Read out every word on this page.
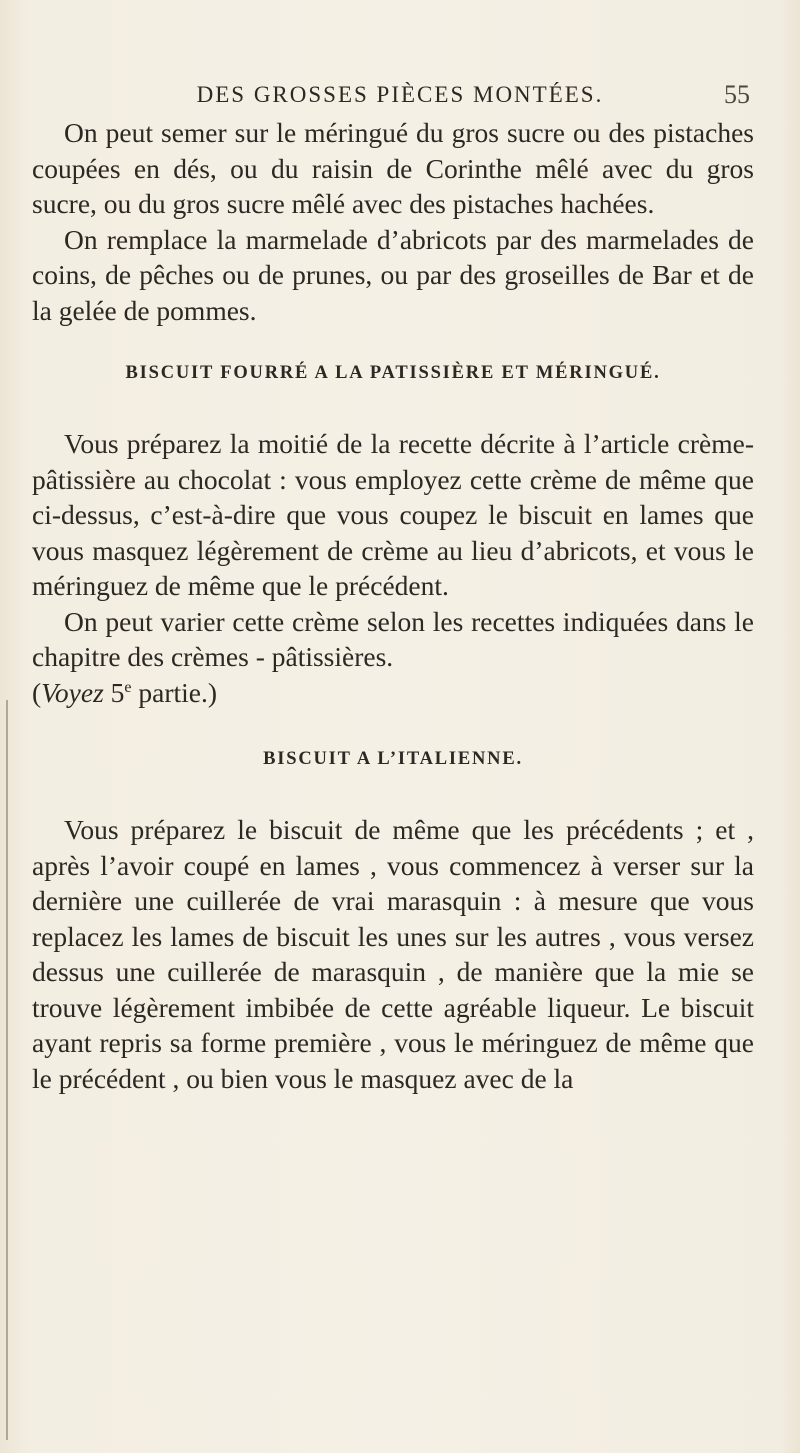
DES GROSSES PIÈCES MONTÉES.	55

On peut semer sur le méringué du gros sucre ou des pistaches coupées en dés, ou du raisin de Corinthe mêlé avec du gros sucre, ou du gros sucre mêlé avec des pistaches hachées.

On remplace la marmelade d’abricots par des marmelades de coins, de pêches ou de prunes, ou par des groseilles de Bar et de la gelée de pommes.

BISCUIT FOURRÉ A LA PATISSIÈRE ET MÉRINGUÉ.

Vous préparez la moitié de la recette décrite à l’article crème-pâtissière au chocolat : vous employez cette crème de même que ci-dessus, c’est-à-dire que vous coupez le biscuit en lames que vous masquez légèrement de crème au lieu d’abricots, et vous le méringuez de même que le précédent.

On peut varier cette crème selon les recettes indiquées dans le chapitre des crèmes - pâtissières.
(Voyez 5e partie.)

BISCUIT A L’ITALIENNE.

Vous préparez le biscuit de même que les précédents ; et , après l’avoir coupé en lames , vous commencez à verser sur la dernière une cuillerée de vrai marasquin : à mesure que vous replacez les lames de biscuit les unes sur les autres , vous versez dessus une cuillerée de marasquin , de manière que la mie se trouve légèrement imbibée de cette agréable liqueur. Le biscuit ayant repris sa forme première , vous le méringuez de même que le précédent , ou bien vous le masquez avec de la
